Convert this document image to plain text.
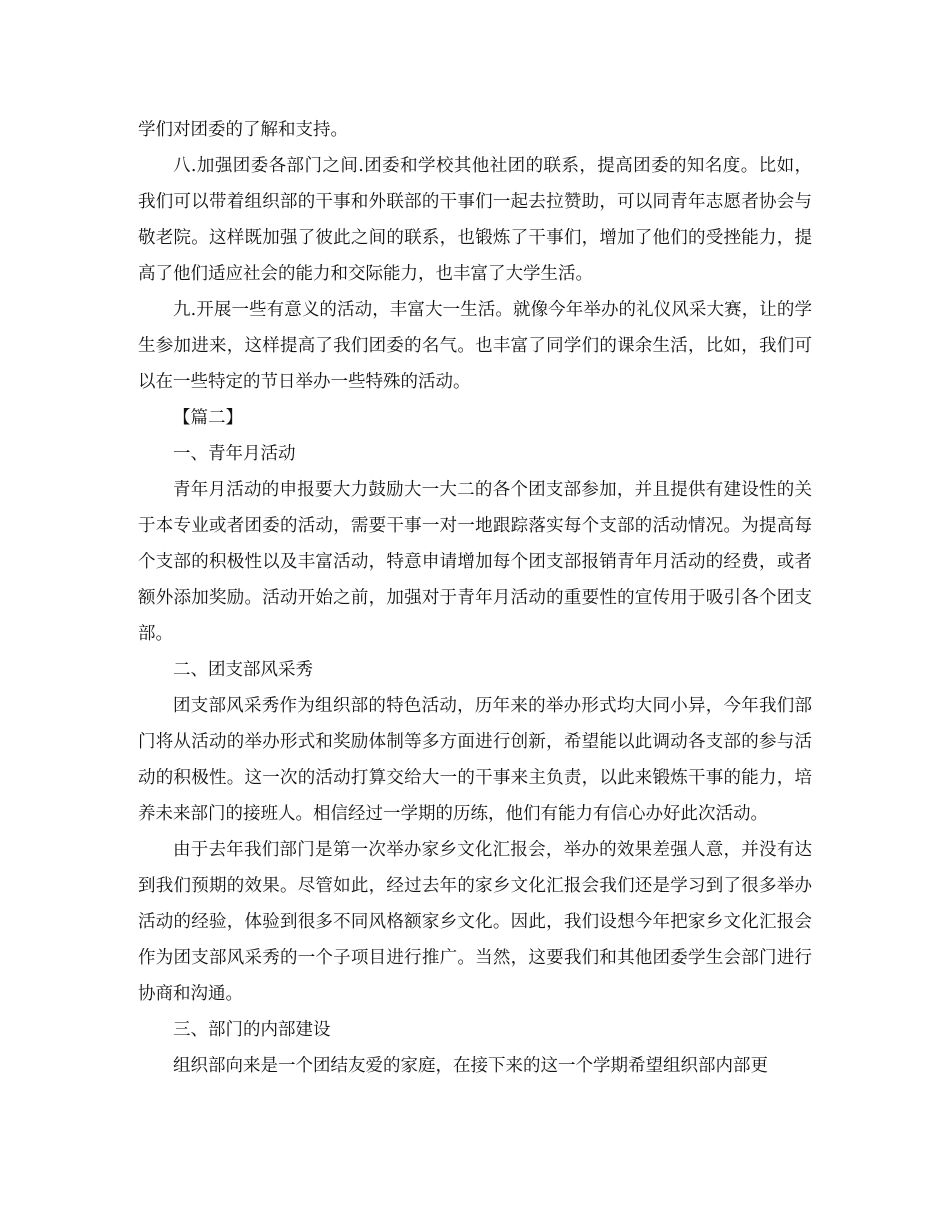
学们对团委的了解和支持。

八.加强团委各部门之间.团委和学校其他社团的联系，提高团委的知名度。比如，我们可以带着组织部的干事和外联部的干事们一起去拉赞助，可以同青年志愿者协会与敬老院。这样既加强了彼此之间的联系，也锻炼了干事们，增加了他们的受挫能力，提高了他们适应社会的能力和交际能力，也丰富了大学生活。

九.开展一些有意义的活动，丰富大一生活。就像今年举办的礼仪风采大赛，让的学生参加进来，这样提高了我们团委的名气。也丰富了同学们的课余生活，比如，我们可以在一些特定的节日举办一些特殊的活动。

【篇二】

一、青年月活动

青年月活动的申报要大力鼓励大一大二的各个团支部参加，并且提供有建设性的关于本专业或者团委的活动，需要干事一对一地跟踪落实每个支部的活动情况。为提高每个支部的积极性以及丰富活动，特意申请增加每个团支部报销青年月活动的经费，或者额外添加奖励。活动开始之前，加强对于青年月活动的重要性的宣传用于吸引各个团支部。

二、团支部风采秀

团支部风采秀作为组织部的特色活动，历年来的举办形式均大同小异，今年我们部门将从活动的举办形式和奖励体制等多方面进行创新，希望能以此调动各支部的参与活动的积极性。这一次的活动打算交给大一的干事来主负责，以此来锻炼干事的能力，培养未来部门的接班人。相信经过一学期的历练，他们有能力有信心办好此次活动。

由于去年我们部门是第一次举办家乡文化汇报会，举办的效果差强人意，并没有达到我们预期的效果。尽管如此，经过去年的家乡文化汇报会我们还是学习到了很多举办活动的经验，体验到很多不同风格额家乡文化。因此，我们设想今年把家乡文化汇报会作为团支部风采秀的一个子项目进行推广。当然，这要我们和其他团委学生会部门进行协商和沟通。

三、部门的内部建设

组织部向来是一个团结友爱的家庭，在接下来的这一个学期希望组织部内部更
